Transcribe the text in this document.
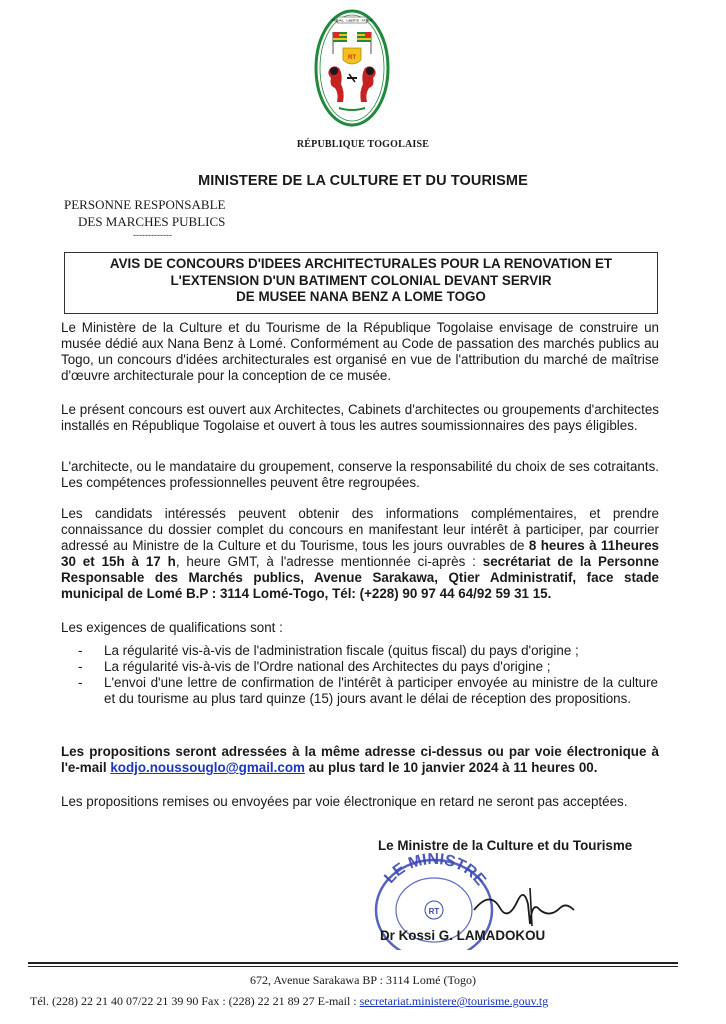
TRAVAIL · LIBERTE · PATRIE
RT
RÉPUBLIQUE TOGOLAISE
MINISTERE DE LA CULTURE ET DU TOURISME
PERSONNE RESPONSABLE
DES MARCHES PUBLICS
-------------
AVIS DE CONCOURS D'IDEES ARCHITECTURALES POUR LA RENOVATION ET
L'EXTENSION D'UN BATIMENT COLONIAL DEVANT SERVIR
DE MUSEE NANA BENZ A LOME TOGO
Le Ministère de la Culture et du Tourisme de la République Togolaise envisage de construire un musée dédié aux Nana Benz à Lomé. Conformément au Code de passation des marchés publics au Togo, un concours d'idées architecturales est organisé en vue de l'attribution du marché de maîtrise d'œuvre architecturale pour la conception de ce musée.
Le présent concours est ouvert aux Architectes, Cabinets d'architectes ou groupements d'architectes installés en République Togolaise et ouvert à tous les autres soumissionnaires des pays éligibles.
L'architecte, ou le mandataire du groupement, conserve la responsabilité du choix de ses cotraitants. Les compétences professionnelles peuvent être regroupées.
Les candidats intéressés peuvent obtenir des informations complémentaires, et prendre connaissance du dossier complet du concours en manifestant leur intérêt à participer, par courrier adressé au Ministre de la Culture et du Tourisme, tous les jours ouvrables de 8 heures à 11heures 30 et 15h à 17 h, heure GMT, à l'adresse mentionnée ci-après : secrétariat de la Personne Responsable des Marchés publics, Avenue Sarakawa, Qtier Administratif, face stade municipal de Lomé B.P : 3114 Lomé-Togo, Tél: (+228) 90 97 44 64/92 59 31 15.
Les exigences de qualifications sont :
- La régularité vis-à-vis de l'administration fiscale (quitus fiscal) du pays d'origine ;
- La régularité vis-à-vis de l'Ordre national des Architectes du pays d'origine ;
- L'envoi d'une lettre de confirmation de l'intérêt à participer envoyée au ministre de la culture et du tourisme au plus tard quinze (15) jours avant le délai de réception des propositions.
Les propositions seront adressées à la même adresse ci-dessus ou par voie électronique à l'e-mail kodjo.noussouglo@gmail.com au plus tard le 10 janvier 2024 à 11 heures 00.
Les propositions remises ou envoyées par voie électronique en retard ne seront pas acceptées.
Le Ministre de la Culture et du Tourisme
LE MINISTRE
RT
Dr Kossi G. LAMADOKOU
672, Avenue Sarakawa BP : 3114 Lomé (Togo)
Tél. (228) 22 21 40 07/22 21 39 90 Fax : (228) 22 21 89 27 E-mail : secretariat.ministere@tourisme.gouv.tg
